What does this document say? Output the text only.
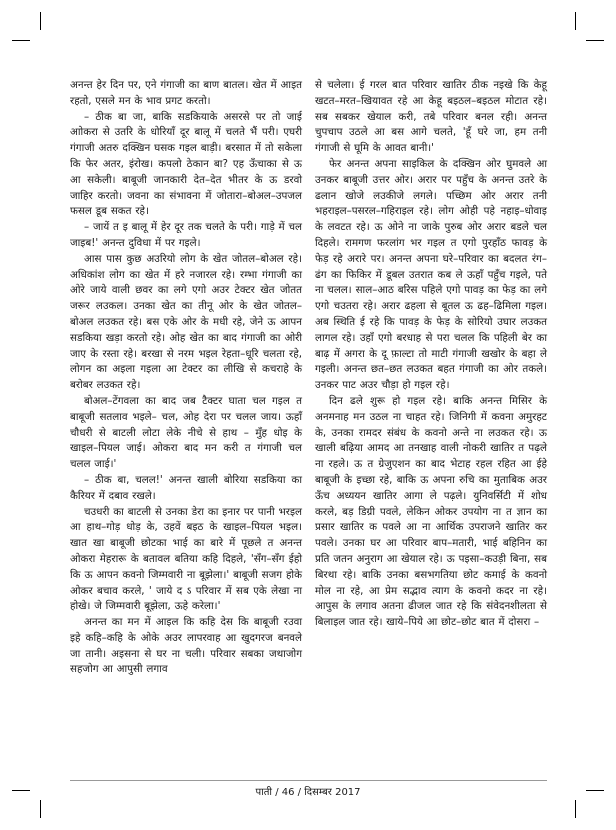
अनन्त हेर दिन पर, एने गंगाजी का बाण बातल। खेत में आइत रहतो, एसले मन के भाव प्रगट करतो।

– ठीक बा जा, बाकि सडकियाके असरसे पर तो जाई आोकरा से उतरि के धोरियाँ दूर बालू में चलते भैं परी। एघरी गंगाजी अतरु दक्खिन घसक गइल बाड़ी। बरसात में तो सकेला कि फेर अतर, इंरोख। कपलो ठेकान बा? एह ऊँचाका से ऊ आ सकेली। बाबूजी जानकारी देत–देत भीतर के ऊ डरवो जाहिर करतो। जवना का संभावना में जोतारा–बोअल–उपजल फसल डूब सकत रहे।

– जायें त इ बालू में हेर दूर तक चलते के परी। गाड़े में चल जाइब!' अनन्त दुविधा में पर गइले।

आस पास कुछ अउरियो लोग के खेत जोतल–बोअल रहे। अधिकांश लोग का खेत में हरे नजारल रहे। रम्भा गंगाजी का ओरे जाये वाली छवर का लगे एगो अउर टेक्टर खेत जोतत जरूर लउकल। उनका खेत का तीनू ओर के खेत जोतल–बोअल लउकत रहे। बस एके ओर के मधी रहे, जेने ऊ आपन सडकिया खड़ा करतो रहे। ओह खेत का बाद गंगाजी का ओरी जाए के रस्ता रहे। बरखा से नरम भइल रेहता–धूरि चलता रहे, लोगन का अइला गइला आ टेक्टर का लीखि से कचराहे के बरोबर लउकत रहे।

बोअल–टेंगवला का बाद जब टैक्टर घाता चल गइल त बाबूजी सतलाव भइले– चल, ओह देरा पर चलल जाय। ऊहाँ चौधरी से बाटली लोटा लेके नीचे से हाथ – मुँह धोइ के खाइल–पियल जाई। ओकरा बाद मन करी त गंगाजी चल चलल जाई।'

– ठीक बा, चलल!' अनन्त खाली बोरिया सडकिया का कैरियर में दबाव रखले।

चउधरी का बाटली से उनका डेरा का इनार पर पानी भरइल आ हाथ–गोड़ धोड़ के, उहवें बइठ के खाइल–पियल भइल। खात खा बाबूजी छोटका भाई का बारे में पूछले त अनन्त ओकरा मेहरारू के बतावल बतिया कहि दिहले, 'सँग–सँग ईहो कि ऊ आपन कवनो जिम्मवारी ना बूझेला।' बाबूजी सजग होके ओकर बचाव करले, ' जाये द ऽ परिवार में सब एके लेखा ना होखे। जे जिम्मवारी बूझेला, ऊहे करेला।'

अनन्त का मन में आइल कि कहि देस कि बाबूजी रउवा इहे कहि–कहि के ओके अउर लापरवाह आ खुदगरज बनवले जा तानी। अइसना से घर ना चली। परिवार सबका जथाजोग सहजोग आ आपुसी लगाव

से चलेला। ई गरल बात परिवार खातिर ठीक नइखे कि केहू खटत–मरत–खियावत रहे आ केहू बइठल–बइठल मोटात रहे। सब सबकर खेयाल करी, तबे परिवार बनल रही। अनन्त चुपचाप उठले आ बस आगे चलते, 'हूँ घरे जा, हम तनी गंगाजी से घूमि के आवत बानी।'

फेर अनन्त अपना साइकिल के दक्खिन ओर घुमवले आ उनकर बाबूजी उत्तर ओर। अरार पर पहुँच के अनन्त उतरे के ढलान खोजे लउकीजे लगले। पच्छिम ओर अरार तनी भहराइल–पसरल–गहिराइल रहे। लोग ओही पहे नहाइ–धोवाइ के लवटत रहे। ऊ ओने ना जाके पुरुब ओर अरार बडले चल दिहले। रामगण फरलांग भर गइल त एगो पुरहाँठ फावड़ के फेड़ रहे अरारे पर। अनन्त अपना घरे–परिवार का बदलत रंग–ढंग का फिकिर में डूबल उतरात कब ले ऊहाँ पहुँच गइले, पते ना चलल। साल–आठ बरिस पहिले एगो पावड़ का फेड़ का लगे एगो चउतरा रहे। अरार ढहला से बूतल ऊ ढह–ढिमिला गइल। अब स्थिति ई रहे कि पावड़ के फेड़ के सोरियो उघार लउकत लागल रहे। उहाँ एगो बरधाह से परा चलल कि पहिली बेर का बाढ़ में अगरा के दू फ़ाल्टा तो माटी गंगाजी खखोर के बहा ले गइली। अनन्त छत–छत लउकत बहत गंगाजी का ओर तकले। उनकर पाट अउर चौड़ा हो गइल रहे।

दिन ढले शुरू हो गइल रहे। बाकि अनन्त मिसिर के अनमनाह मन उठल ना चाहत रहे। जिनिगी में कवना अमुरहट के, उनका रामदर संबंध के कवनो अन्ते ना लउकत रहे। ऊ खाली बढ़िया आमद आ तनखाह वाली नोकरी खातिर त पढ़ले ना रहले। ऊ त ग्रेजुएशन का बाद भेटाह रहल रहित आ ईहे बाबूजी के इच्छा रहे, बाकि ऊ अपना रुचि का मुताबिक अउर ऊँच अध्ययन खातिर आगा ले पढ़ले। युनिवर्सिटी में शोध करले, बड़ डिग्री पवले, लेकिन ओकर उपयोग ना त ज्ञान का प्रसार खातिर क पवले आ ना आर्थिक उपराजने खातिर कर पवले। उनका घर आ परिवार बाप–मतारी, भाई बहिनिन का प्रति जतन अनुराग आ खेयाल रहे। ऊ पइसा–कउड़ी बिना, सब बिरथा रहे। बाकि उनका बसभगतिया छोट कमाई के कवनो मोल ना रहे, आ प्रेम सद्भाव त्याग के कवनो कदर ना रहे। आपुस के लगाव अतना ढीजल जात रहे कि संवेदनशीलता से बिलाइल जात रहे। खाये–पिये आ छोट–छोट बात में दोसरा –

पाती / 46 / दिसम्बर 2017
